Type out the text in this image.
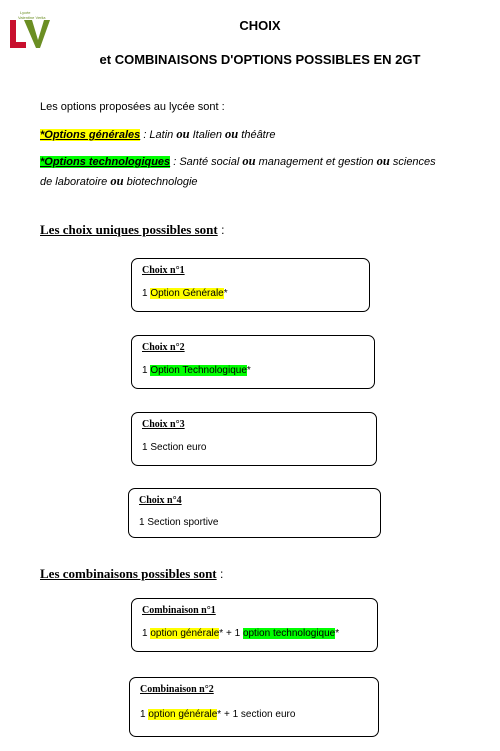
Lycée
Valentine Verlia
CHOIX
et COMBINAISONS D'OPTIONS POSSIBLES EN 2GT
Les options proposées au lycée sont :
*Options générales : Latin ou Italien ou théâtre
*Options technologiques : Santé social ou management et gestion ou sciences
de laboratoire ou biotechnologie
Les choix uniques possibles sont :
Choix n°1
1 Option Générale*
Choix n°2
1 Option Technologique*
Choix n°3
1 Section euro
Choix n°4
1 Section sportive
Les combinaisons possibles sont :
Combinaison n°1
1 option générale* + 1 option technologique*
Combinaison n°2
1 option générale* + 1 section euro
